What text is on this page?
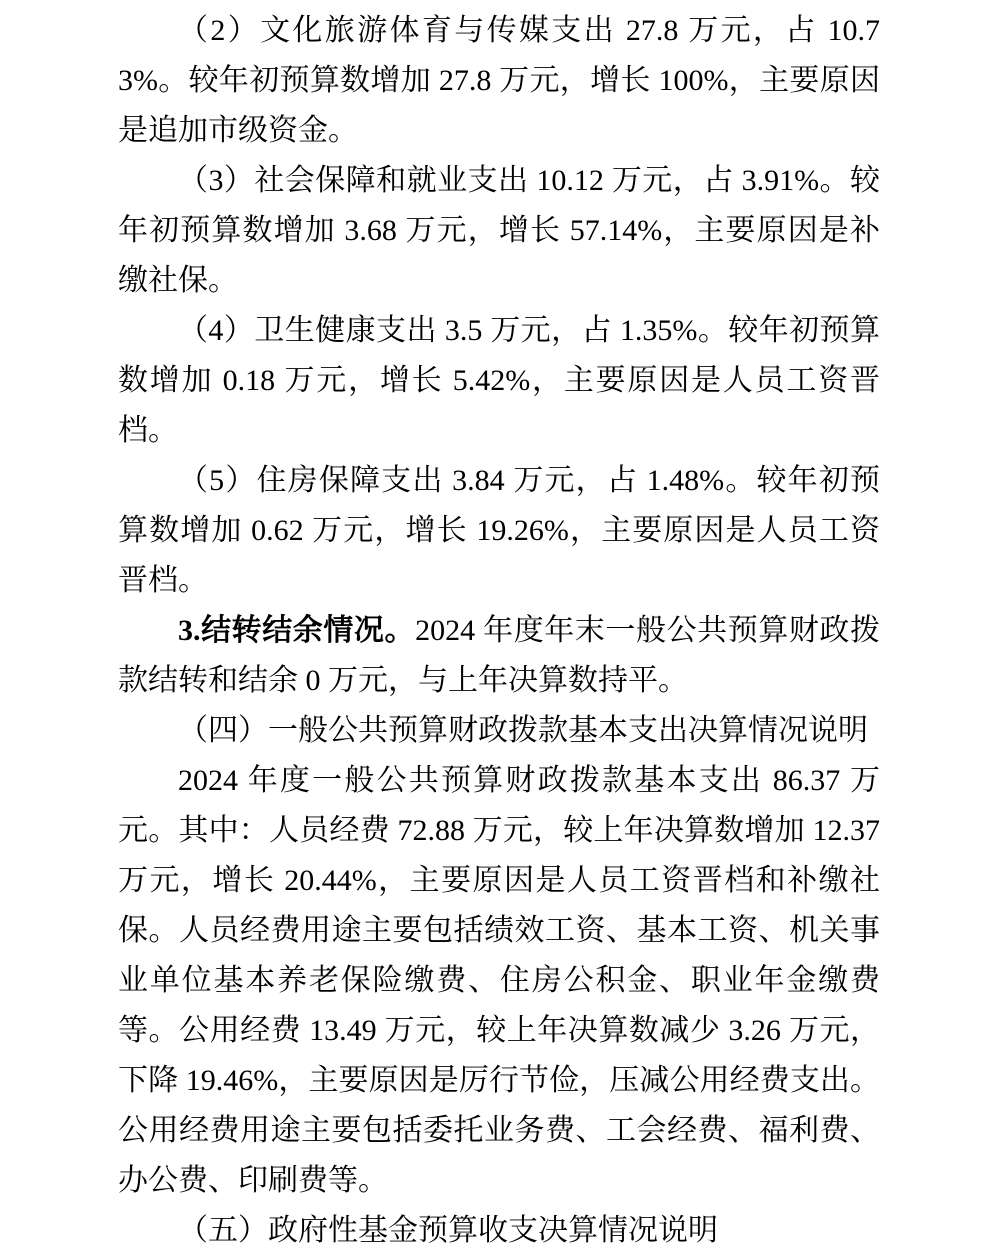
（2）文化旅游体育与传媒支出 27.8 万元，占 10.73%。较年初预算数增加 27.8 万元，增长 100%，主要原因是追加市级资金。

（3）社会保障和就业支出 10.12 万元，占 3.91%。较年初预算数增加 3.68 万元，增长 57.14%，主要原因是补缴社保。

（4）卫生健康支出 3.5 万元，占 1.35%。较年初预算数增加 0.18 万元，增长 5.42%，主要原因是人员工资晋档。

（5）住房保障支出 3.84 万元，占 1.48%。较年初预算数增加 0.62 万元，增长 19.26%，主要原因是人员工资晋档。

3.结转结余情况。2024 年度年末一般公共预算财政拨款结转和结余 0 万元，与上年决算数持平。

（四）一般公共预算财政拨款基本支出决算情况说明

2024 年度一般公共预算财政拨款基本支出 86.37 万元。其中：人员经费 72.88 万元，较上年决算数增加 12.37 万元，增长 20.44%，主要原因是人员工资晋档和补缴社保。人员经费用途主要包括绩效工资、基本工资、机关事业单位基本养老保险缴费、住房公积金、职业年金缴费等。公用经费 13.49 万元，较上年决算数减少 3.26 万元，下降 19.46%，主要原因是厉行节俭，压减公用经费支出。公用经费用途主要包括委托业务费、工会经费、福利费、办公费、印刷费等。

（五）政府性基金预算收支决算情况说明
